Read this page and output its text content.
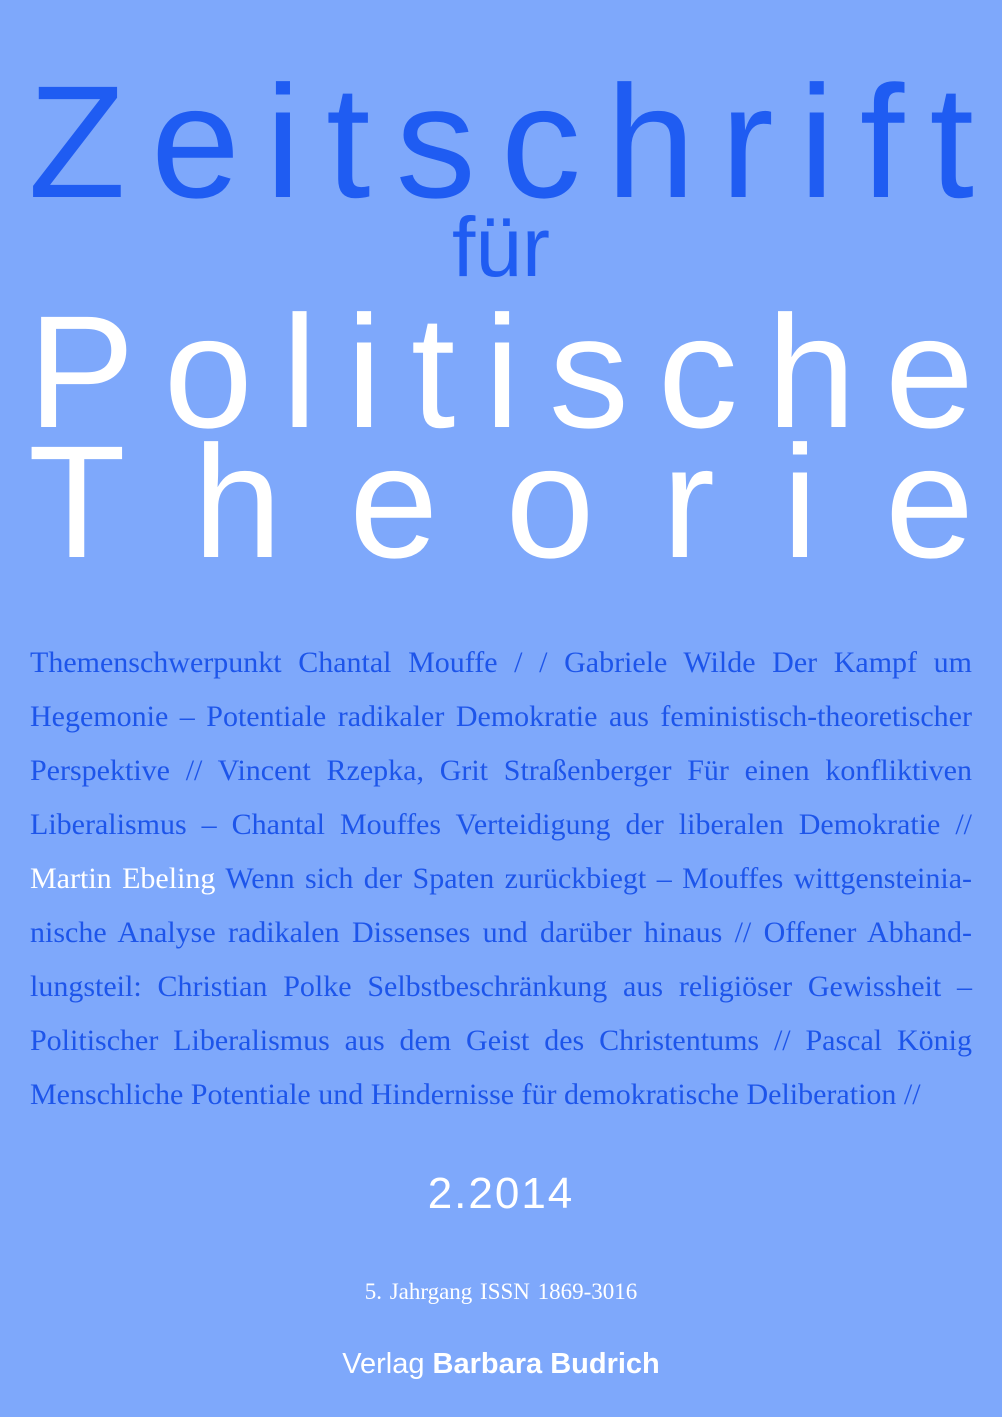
Z e i t s c h r i f t
für
P o l i t i s c h e
T h e o r i e
Themenschwerpunkt Chantal Mouffe / / Gabriele Wilde Der Kampf um
Hegemonie – Potentiale radikaler Demokratie aus feministisch-theoretischer
Perspektive // Vincent Rzepka, Grit Straßenberger Für einen konfliktiven
Liberalismus – Chantal Mouffes Verteidigung der liberalen Demokratie //
Martin Ebeling Wenn sich der Spaten zurückbiegt – Mouffes wittgensteinia-
nische Analyse radikalen Dissenses und darüber hinaus // Offener Abhand-
lungsteil: Christian Polke Selbstbeschränkung aus religiöser Gewissheit –
Politischer Liberalismus aus dem Geist des Christentums // Pascal König
Menschliche Potentiale und Hindernisse für demokratische Deliberation //
2.2014
5. Jahrgang ISSN 1869-3016
Verlag Barbara Budrich
